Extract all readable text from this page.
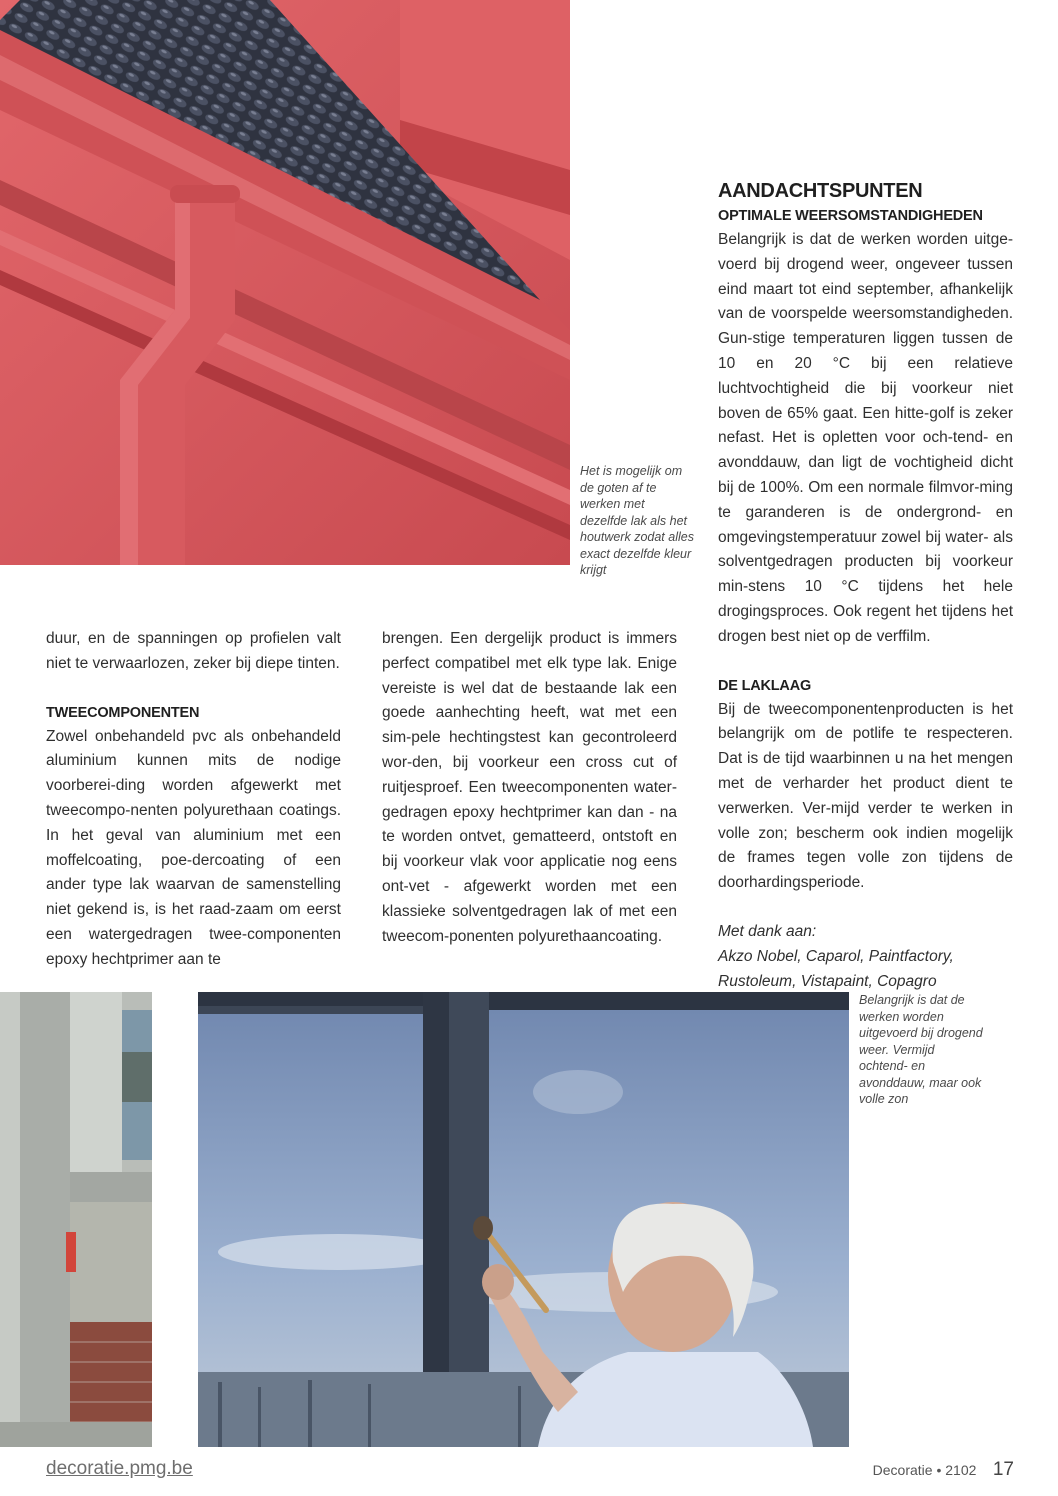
Het is mogelijk om de goten af te werken met dezelfde lak als het houtwerk zodat alles exact dezelfde kleur krijgt

AANDACHTSPUNTEN

OPTIMALE WEERSOMSTANDIGHEDEN

Belangrijk is dat de werken worden uitge-voerd bij drogend weer, ongeveer tussen eind maart tot eind september, afhankelijk van de voorspelde weersomstandigheden. Gun-stige temperaturen liggen tussen de 10 en 20 °C bij een relatieve luchtvochtigheid die bij voorkeur niet boven de 65% gaat. Een hitte-golf is zeker nefast. Het is opletten voor och-tend- en avonddauw, dan ligt de vochtigheid dicht bij de 100%. Om een normale filmvor-ming te garanderen is de ondergrond- en omgevingstemperatuur zowel bij water- als solventgedragen producten bij voorkeur min-stens 10 °C tijdens het hele drogingsproces. Ook regent het tijdens het drogen best niet op de verffilm.

DE LAKLAAG

Bij de tweecomponentenproducten is het belangrijk om de potlife te respecteren. Dat is de tijd waarbinnen u na het mengen met de verharder het product dient te verwerken. Ver-mijd verder te werken in volle zon; bescherm ook indien mogelijk de frames tegen volle zon tijdens de doorhardingsperiode.

Met dank aan:

Akzo Nobel, Caparol, Paintfactory, Rustoleum, Vistapaint, Copagro

duur, en de spanningen op profielen valt niet te verwaarlozen, zeker bij diepe tinten.

TWEECOMPONENTEN

Zowel onbehandeld pvc als onbehandeld aluminium kunnen mits de nodige voorberei-ding worden afgewerkt met tweecompo-nenten polyurethaan coatings. In het geval van aluminium met een moffelcoating, poe-dercoating of een ander type lak waarvan de samenstelling niet gekend is, is het raad-zaam om eerst een watergedragen twee-componenten epoxy hechtprimer aan te

brengen. Een dergelijk product is immers perfect compatibel met elk type lak. Enige vereiste is wel dat de bestaande lak een goede aanhechting heeft, wat met een sim-pele hechtingstest kan gecontroleerd wor-den, bij voorkeur een cross cut of ruitjesproef. Een tweecomponenten water-gedragen epoxy hechtprimer kan dan - na te worden ontvet, gematteerd, ontstoft en bij voorkeur vlak voor applicatie nog eens ont-vet - afgewerkt worden met een klassieke solventgedragen lak of met een tweecom-ponenten polyurethaancoating.

Belangrijk is dat de werken worden uitgevoerd bij drogend weer. Vermijd ochtend- en avonddauw, maar ook volle zon
decoratie.pmg.be	Decoratie • 2102 17
